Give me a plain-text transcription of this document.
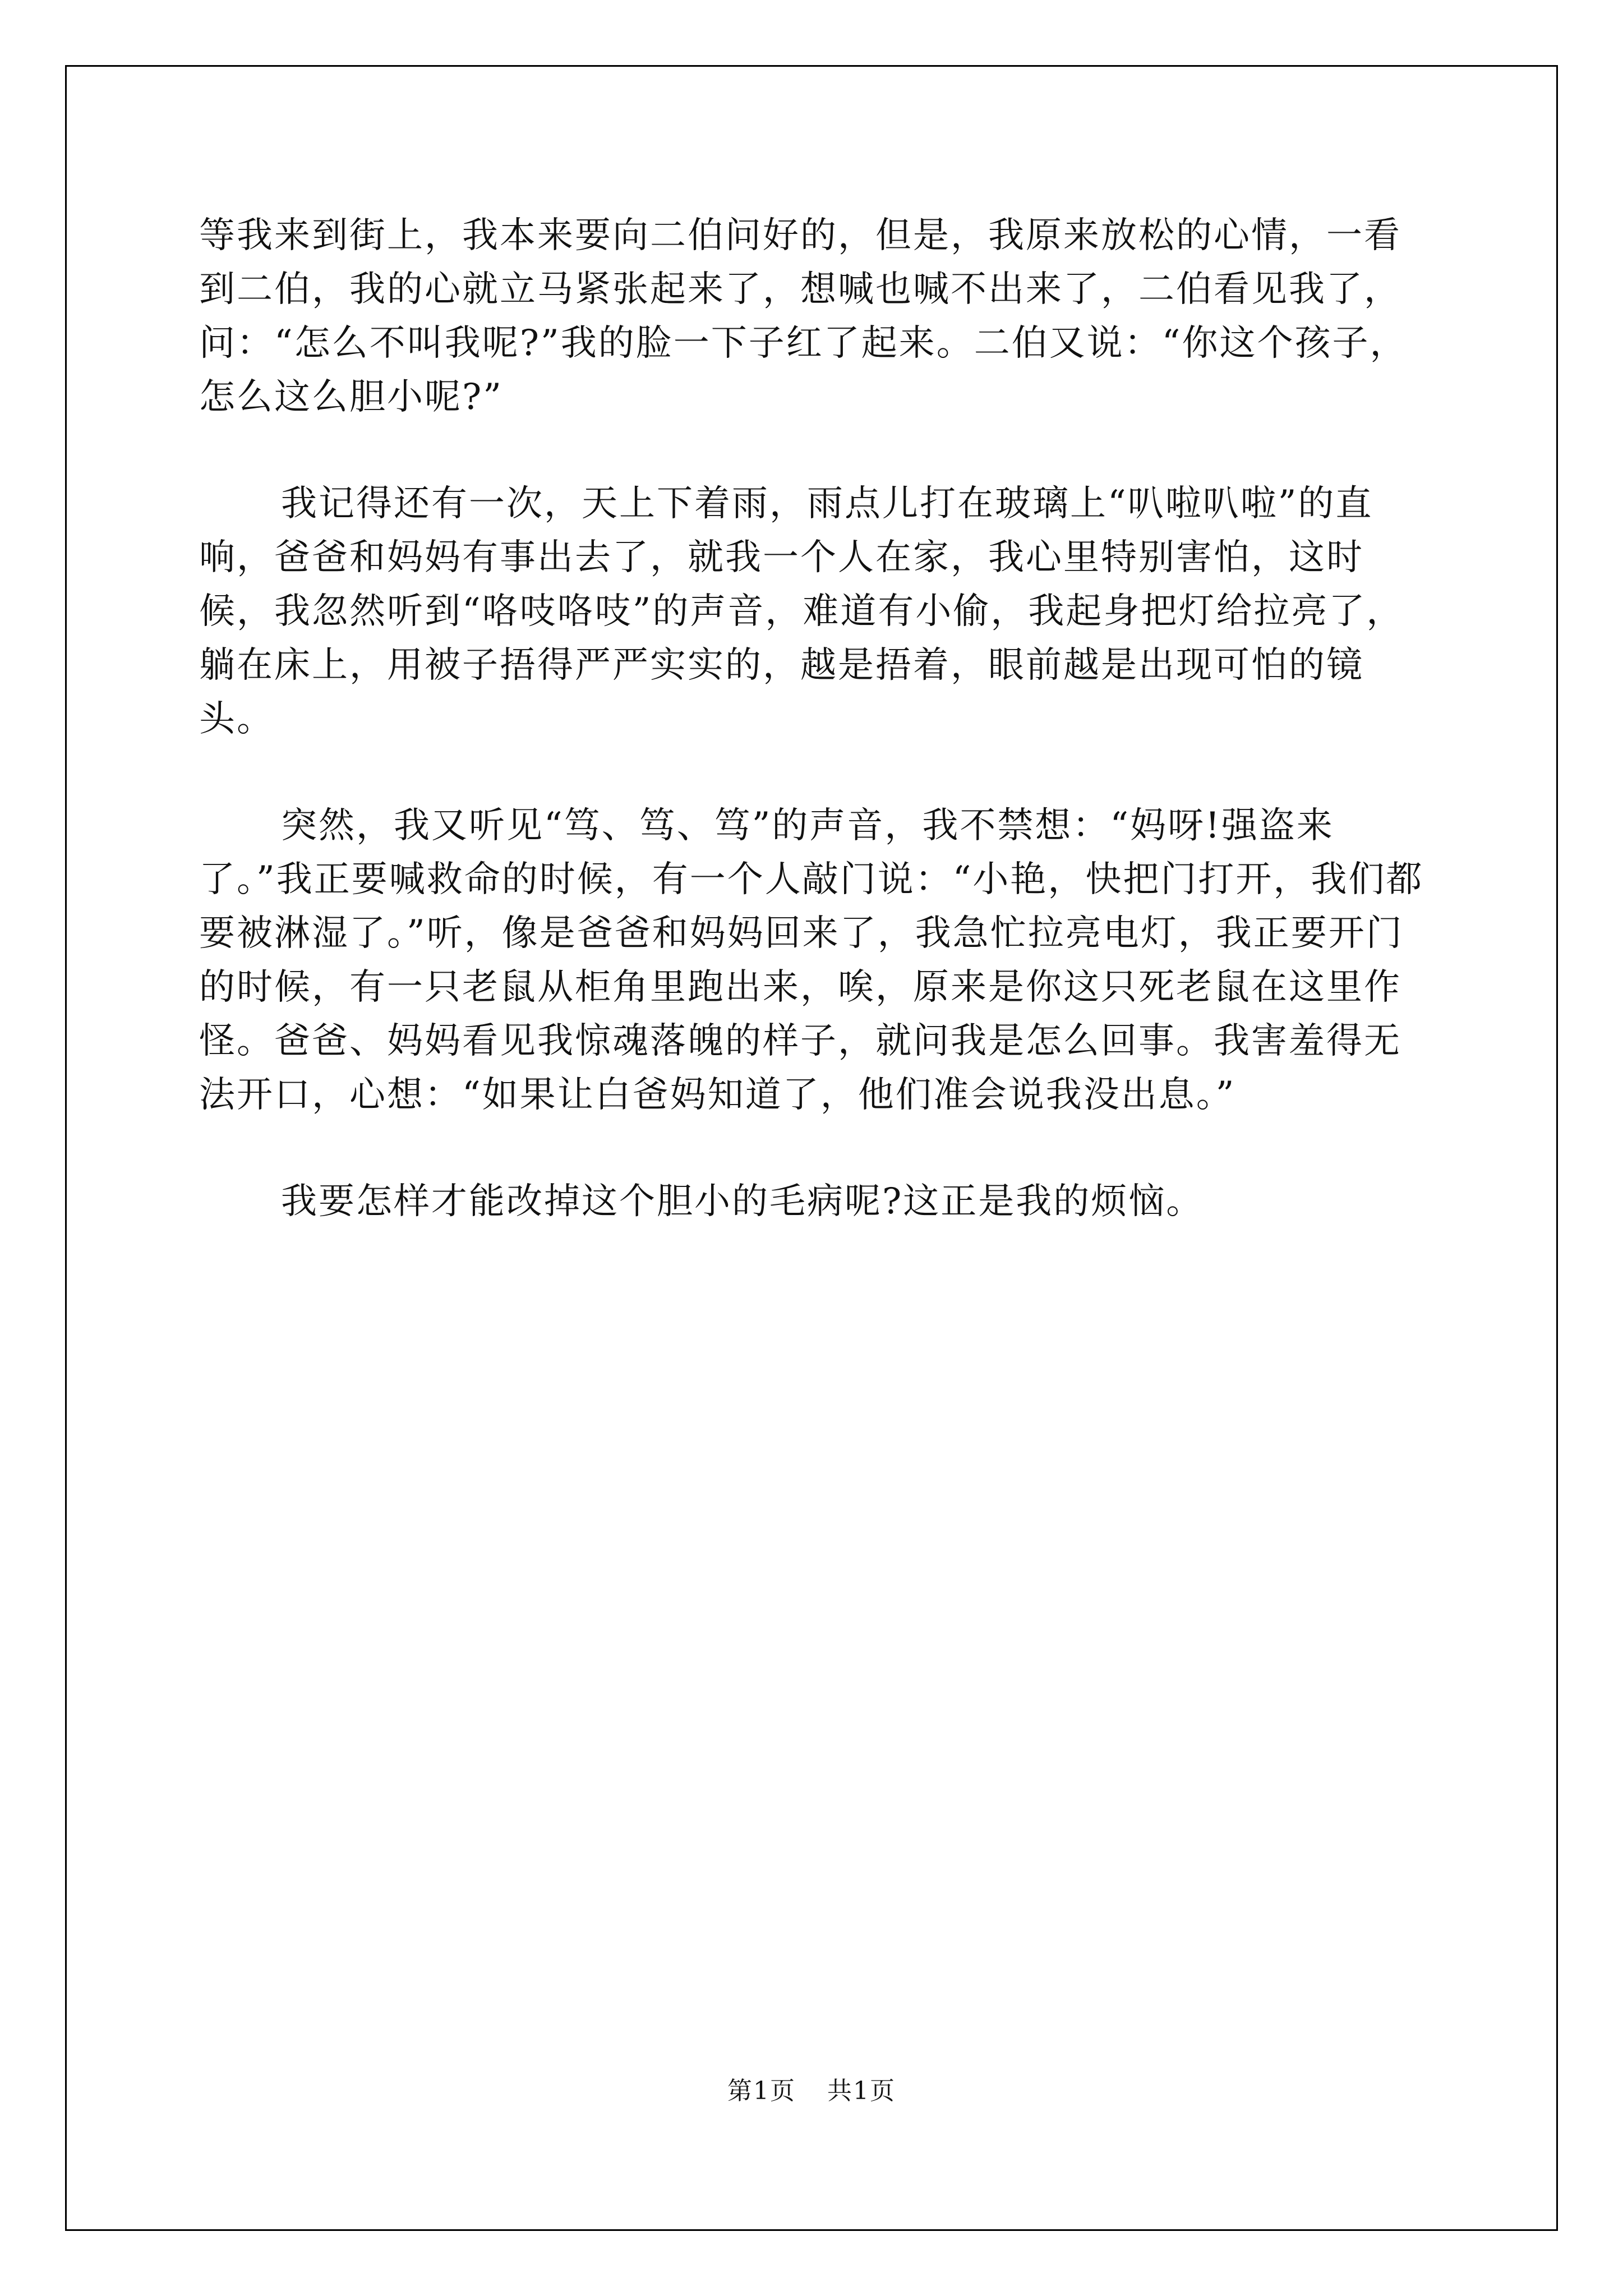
等我来到街上，我本来要向二伯问好的，但是，我原来放松的心情，一看到二伯，我的心就立马紧张起来了，想喊也喊不出来了，二伯看见我了，问：“怎么不叫我呢?”我的脸一下子红了起来。二伯又说：“你这个孩子，怎么这么胆小呢?”

我记得还有一次，天上下着雨，雨点儿打在玻璃上“叭啦叭啦”的直响，爸爸和妈妈有事出去了，就我一个人在家，我心里特别害怕，这时候，我忽然听到“咯吱咯吱”的声音，难道有小偷，我起身把灯给拉亮了，躺在床上，用被子捂得严严实实的，越是捂着，眼前越是出现可怕的镜头。

突然，我又听见“笃、笃、笃”的声音，我不禁想：“妈呀!强盗来了。”我正要喊救命的时候，有一个人敲门说：“小艳，快把门打开，我们都要被淋湿了。”听，像是爸爸和妈妈回来了，我急忙拉亮电灯，我正要开门的时候，有一只老鼠从柜角里跑出来，唉，原来是你这只死老鼠在这里作怪。爸爸、妈妈看见我惊魂落魄的样子，就问我是怎么回事。我害羞得无法开口，心想：“如果让白爸妈知道了，他们准会说我没出息。”

我要怎样才能改掉这个胆小的毛病呢?这正是我的烦恼。

第1页 共1页
